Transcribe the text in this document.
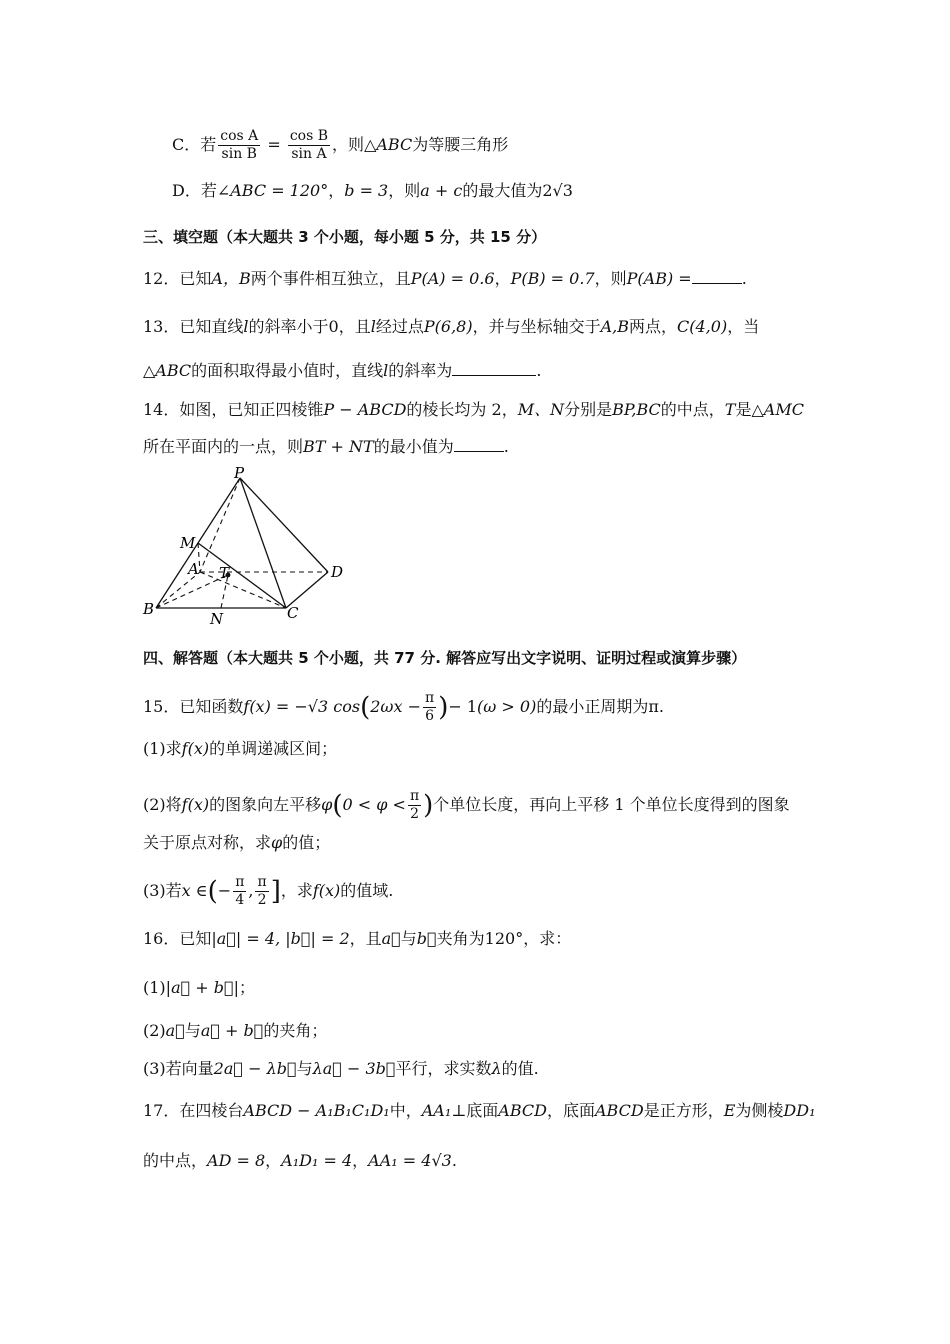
C．若 $\frac{\text{cos A}}{\text{sin B}} = \frac{\text{cos B}}{\text{sin A}}$ ，则△ABC为等腰三角形
D．若∠ABC = 120°，b = 3，则a + c的最大值为2√3
三、填空题（本大题共 3 个小题，每小题 5 分，共 15 分）
12．已知A，B两个事件相互独立，且P(A) = 0.6，P(B) = 0.7，则P(AB) =	.
13．已知直线l的斜率小于0，且l经过点P(6,8)，并与坐标轴交于A,B两点，C(4,0)，当
△ABC的面积取得最小值时，直线l的斜率为	.
14．如图，已知正四棱锥P − ABCD的棱长均为 2，M、N分别是BP,BC的中点，T是△AMC
所在平面内的一点，则BT + NT的最小值为	.
P
M
A T	D
B
N	C
四、解答题（本大题共 5 个小题，共 77 分. 解答应写出文字说明、证明过程或演算步骤）
15．已知函数f(x) = −√3 $\cos(2\omega x - \frac{\pi}{6}$ )− 1(ω > 0)的最小正周期为π.
(1)求f(x)的单调递减区间；
(2)将f(x)的图象向左平移$\varphi(0 < \varphi < \frac{\pi}{2}$ )个单位长度，再向上平移 1 个单位长度得到的图象
关于原点对称，求φ的值；
(3)若x ∈(− $\frac{\pi}{4}$ , $\frac{\pi}{2}$ ]，求f(x)的值域.
16．已知|a⃗| = 4, |b⃗| = 2，且a⃗与b⃗夹角为120°，求：
(1)|a⃗ + b⃗|；
(2)a⃗与a⃗ + b⃗的夹角；
(3)若向量2a⃗ − λb⃗与λa⃗ − 3b⃗平行，求实数λ的值.
17．在四棱台ABCD − A₁B₁C₁D₁中，AA₁⊥底面ABCD，底面ABCD是正方形，E为侧棱DD₁
的中点，AD = 8，A₁D₁ = 4，AA₁ = 4√3.
